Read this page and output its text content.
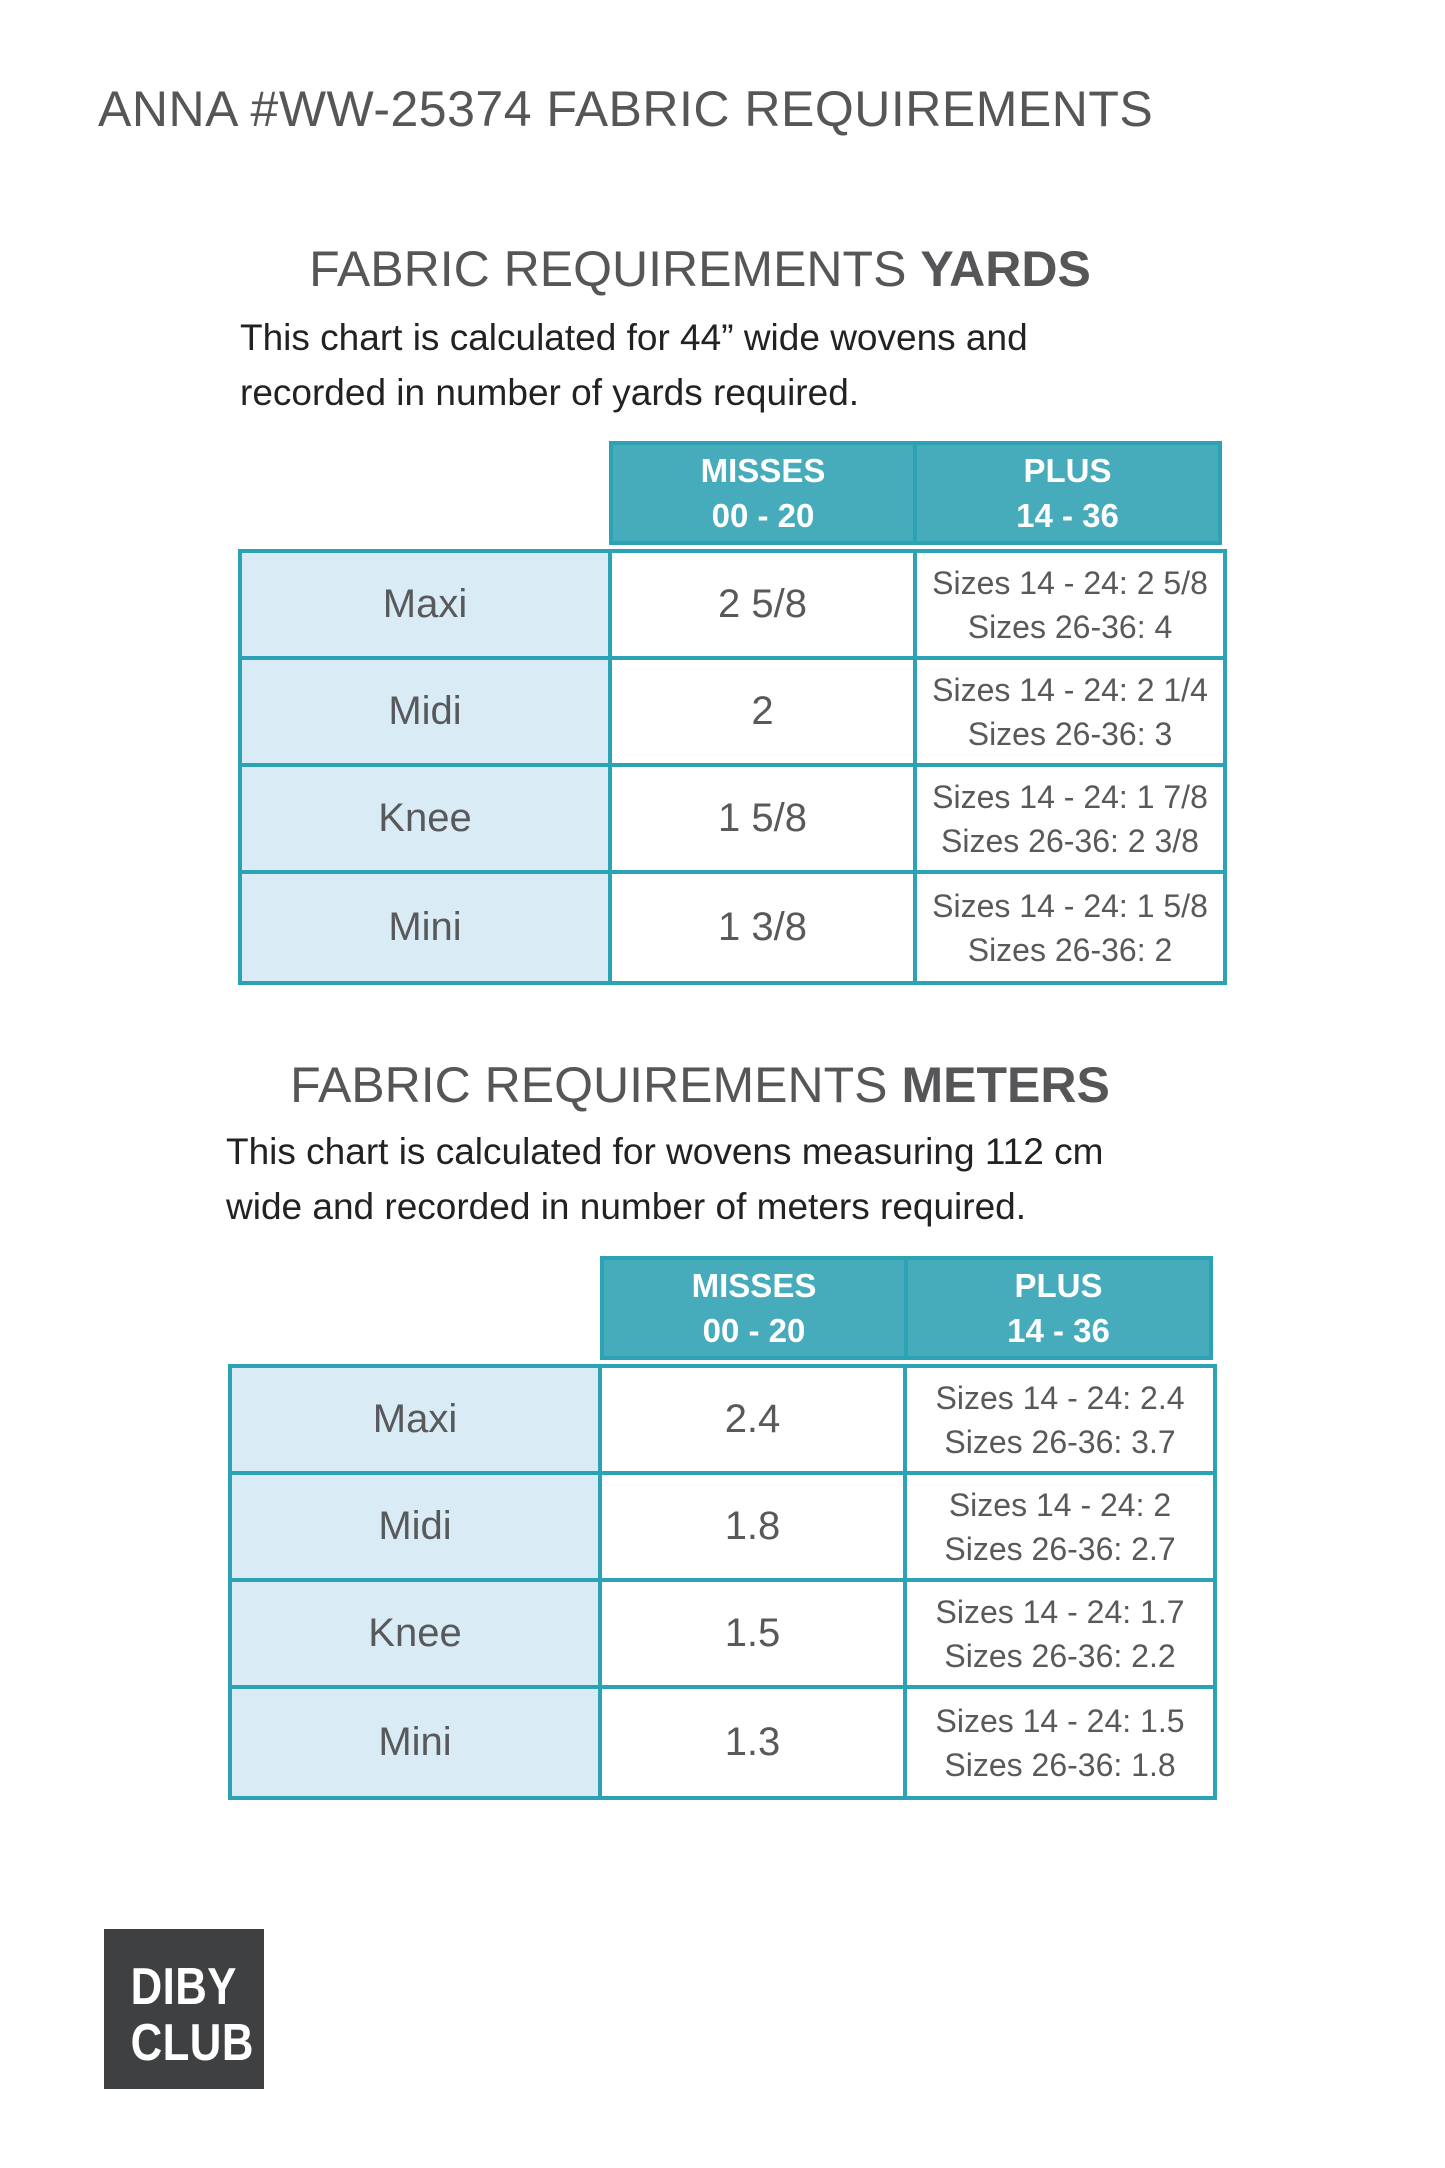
ANNA #WW-25374 FABRIC REQUIREMENTS
FABRIC REQUIREMENTS YARDS
This chart is calculated for 44” wide wovens and
recorded in number of yards required.
MISSES
00 - 20
PLUS
14 - 36
Maxi	2 5/8	Sizes 14 - 24: 2 5/8
Sizes 26-36: 4
Midi	2	Sizes 14 - 24: 2 1/4
Sizes 26-36: 3
Knee	1 5/8	Sizes 14 - 24: 1 7/8
Sizes 26-36: 2 3/8
Mini	1 3/8	Sizes 14 - 24: 1 5/8
Sizes 26-36: 2
FABRIC REQUIREMENTS METERS
This chart is calculated for wovens measuring 112 cm
wide and recorded in number of meters required.
MISSES
00 - 20
PLUS
14 - 36
Maxi	2.4	Sizes 14 - 24: 2.4
Sizes 26-36: 3.7
Midi	1.8	Sizes 14 - 24: 2
Sizes 26-36: 2.7
Knee	1.5	Sizes 14 - 24: 1.7
Sizes 26-36: 2.2
Mini	1.3	Sizes 14 - 24: 1.5
Sizes 26-36: 1.8
DIBY
CLUB
